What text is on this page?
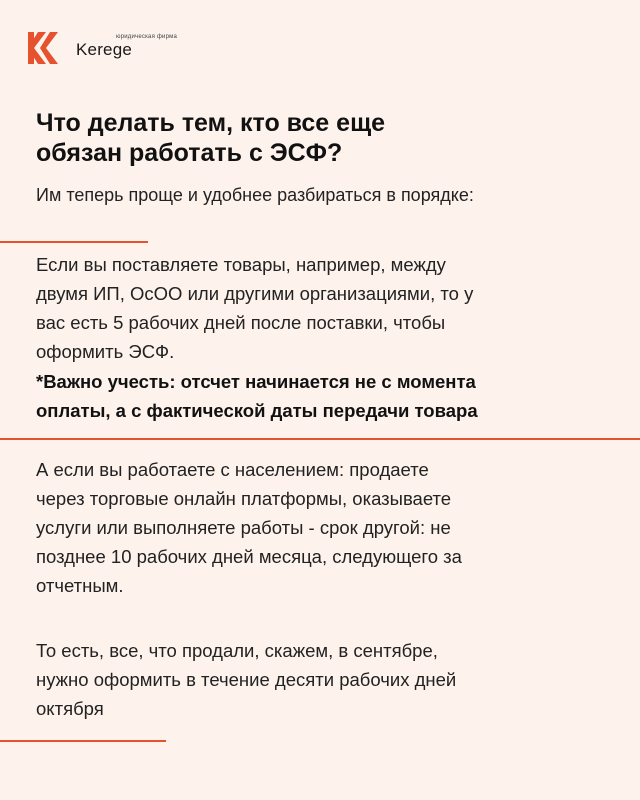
юридическая фирма
Kerege
Что делать тем, кто все еще
обязан работать с ЭСФ?

Им теперь проще и удобнее разбираться в порядке:

Если вы поставляете товары, например, между
двумя ИП, ОсОО или другими организациями, то у
вас есть 5 рабочих дней после поставки, чтобы
оформить ЭСФ.

*Важно учесть: отсчет начинается не с момента
оплаты, а с фактической даты передачи товара

А если вы работаете с населением: продаете
через торговые онлайн платформы, оказываете
услуги или выполняете работы - срок другой: не
позднее 10 рабочих дней месяца, следующего за
отчетным.

То есть, все, что продали, скажем, в сентябре,
нужно оформить в течение десяти рабочих дней
октября
